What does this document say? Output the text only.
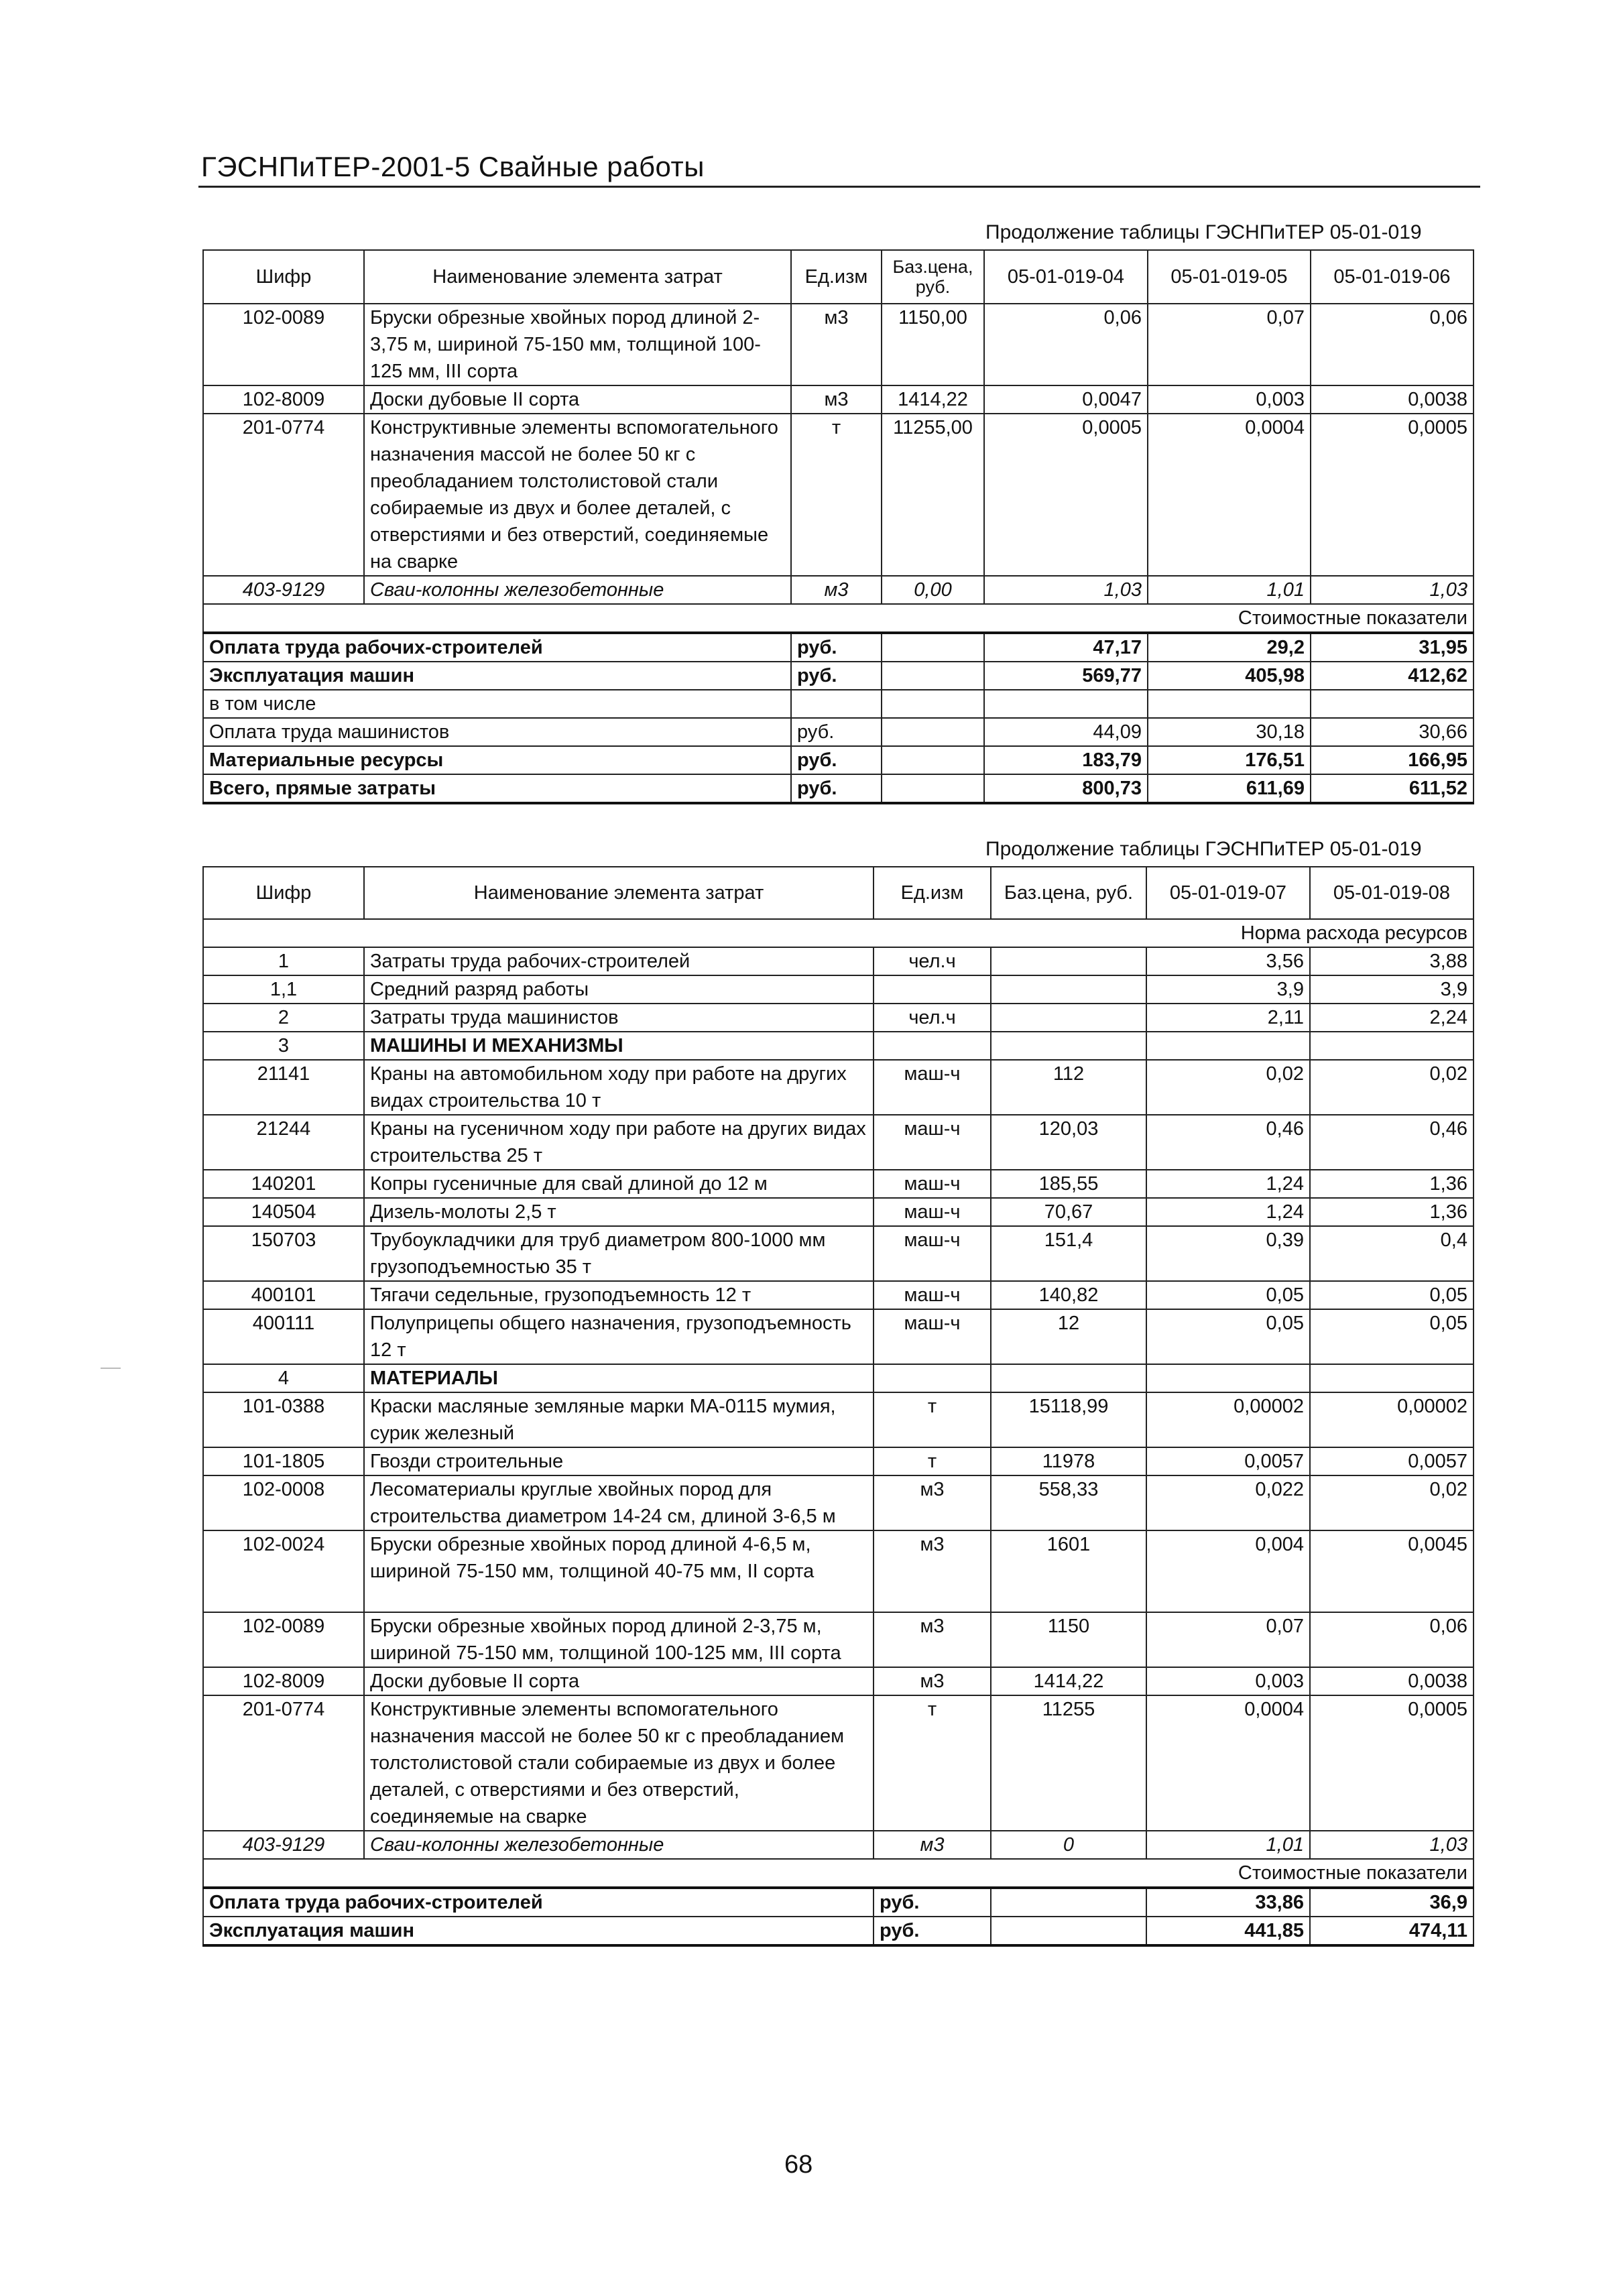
ГЭСНПиТЕР-2001-5 Свайные работы
Продолжение таблицы ГЭСНПиТЕР 05-01-019
Шифр	Наименование элемента затрат	Ед.изм	Баз.цена, руб.	05-01-019-04	05-01-019-05	05-01-019-06
102-0089	Бруски обрезные хвойных пород длиной 2-3,75 м, шириной 75-150 мм, толщиной 100-125 мм, III сорта	м3	1150,00	0,06	0,07	0,06
102-8009	Доски дубовые II сорта	м3	1414,22	0,0047	0,003	0,0038
201-0774	Конструктивные элементы вспомогательного назначения массой не более 50 кг с преобладанием толстолистовой стали собираемые из двух и более деталей, с отверстиями и без отверстий, соединяемые на сварке	т	11255,00	0,0005	0,0004	0,0005
403-9129	Сваи-колонны железобетонные	м3	0,00	1,03	1,01	1,03
					Стоимостные показатели	
Оплата труда рабочих-строителей		руб.		47,17	29,2	31,95
Эксплуатация машин		руб.		569,77	405,98	412,62
в том числе						
Оплата труда машинистов		руб.		44,09	30,18	30,66
Материальные ресурсы		руб.		183,79	176,51	166,95
Всего, прямые затраты		руб.		800,73	611,69	611,52
Продолжение таблицы ГЭСНПиТЕР 05-01-019
Шифр	Наименование элемента затрат	Ед.изм	Баз.цена, руб.	05-01-019-07	05-01-019-08
				Норма расхода ресурсов	
1	Затраты труда рабочих-строителей	чел.ч		3,56	3,88
1,1	Средний разряд работы			3,9	3,9
2	Затраты труда машинистов	чел.ч		2,11	2,24
3	МАШИНЫ И МЕХАНИЗМЫ				
21141	Краны на автомобильном ходу при работе на других видах строительства 10 т	маш-ч	112	0,02	0,02
21244	Краны на гусеничном ходу при работе на других видах строительства 25 т	маш-ч	120,03	0,46	0,46
140201	Копры гусеничные для свай длиной до 12 м	маш-ч	185,55	1,24	1,36
140504	Дизель-молоты 2,5 т	маш-ч	70,67	1,24	1,36
150703	Трубоукладчики для труб диаметром 800-1000 мм грузоподъемностью 35 т	маш-ч	151,4	0,39	0,4
400101	Тягачи седельные, грузоподъемность 12 т	маш-ч	140,82	0,05	0,05
400111	Полуприцепы общего назначения, грузоподъемность 12 т	маш-ч	12	0,05	0,05
4	МАТЕРИАЛЫ				
101-0388	Краски масляные земляные марки МА-0115 мумия, сурик железный	т	15118,99	0,00002	0,00002
101-1805	Гвозди строительные	т	11978	0,0057	0,0057
102-0008	Лесоматериалы круглые хвойных пород для строительства диаметром 14-24 см, длиной 3-6,5 м	м3	558,33	0,022	0,02
102-0024	Бруски обрезные хвойных пород длиной 4-6,5 м, шириной 75-150 мм, толщиной 40-75 мм, II сорта	м3	1601	0,004	0,0045
102-0089	Бруски обрезные хвойных пород длиной 2-3,75 м, шириной 75-150 мм, толщиной 100-125 мм, III сорта	м3	1150	0,07	0,06
102-8009	Доски дубовые II сорта	м3	1414,22	0,003	0,0038
201-0774	Конструктивные элементы вспомогательного назначения массой не более 50 кг с преобладанием толстолистовой стали собираемые из двух и более деталей, с отверстиями и без отверстий, соединяемые на сварке	т	11255	0,0004	0,0005
403-9129	Сваи-колонны железобетонные	м3	0	1,01	1,03
				Стоимостные показатели	
Оплата труда рабочих-строителей		руб.		33,86	36,9
Эксплуатация машин		руб.		441,85	474,11
68
